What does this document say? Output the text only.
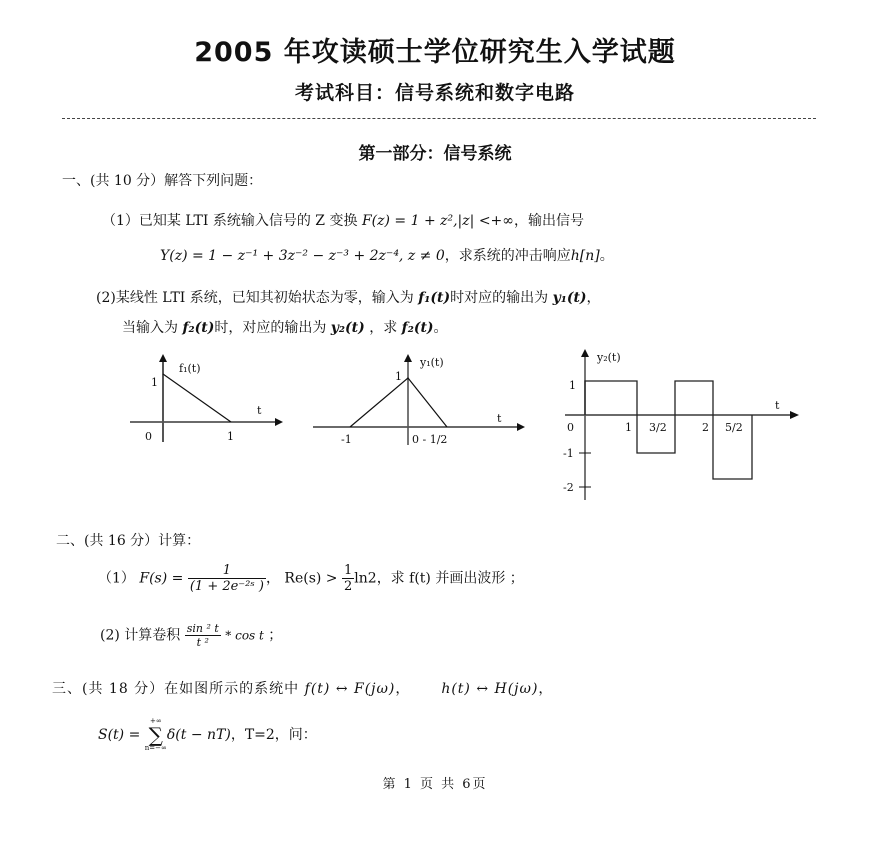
2005 年攻读硕士学位研究生入学试题
考试科目：信号系统和数字电路
第一部分：信号系统
一、(共 10 分）解答下列问题：
（1）已知某 LTI 系统输入信号的 Z 变换 F(z) = 1 + z²,|z| <+∞，输出信号
Y(z) = 1 − z⁻¹ + 3z⁻² − z⁻³ + 2z⁻⁴, z ≠ 0，求系统的冲击响应h[n]。
(2)某线性 LTI 系统，已知其初始状态为零，输入为 f₁(t)时对应的输出为 y₁(t)，
当输入为 f₂(t)时，对应的输出为 y₂(t) ，求 f₂(t)。
f₁(t)
t
1
0	1
y₁(t)
t
1
-1	0 - 1/2
y₂(t)
t
1
-1
-2
0	1 3/2	2 5/2
二、(共 16 分）计算：
（1） $F(s) = \frac{1}{\text{(1 + 2e⁻²ˢ )}}$ ， $Re(s) > \frac{1}{2} \ln 2$，求 f(t) 并画出波形 ；
(2) 计算卷积 $\frac{\text{sin ² t}}{\text{t ²}}$ * cos t ；
三、(共 18 分）在如图所示的系统中 f(t) ↔ F(jω)， h(t) ↔ H(jω)，
S(t) =
+∞
∑
n=−∞
δ(t − nT)，T=2，问：
第 1 页 共 6页
